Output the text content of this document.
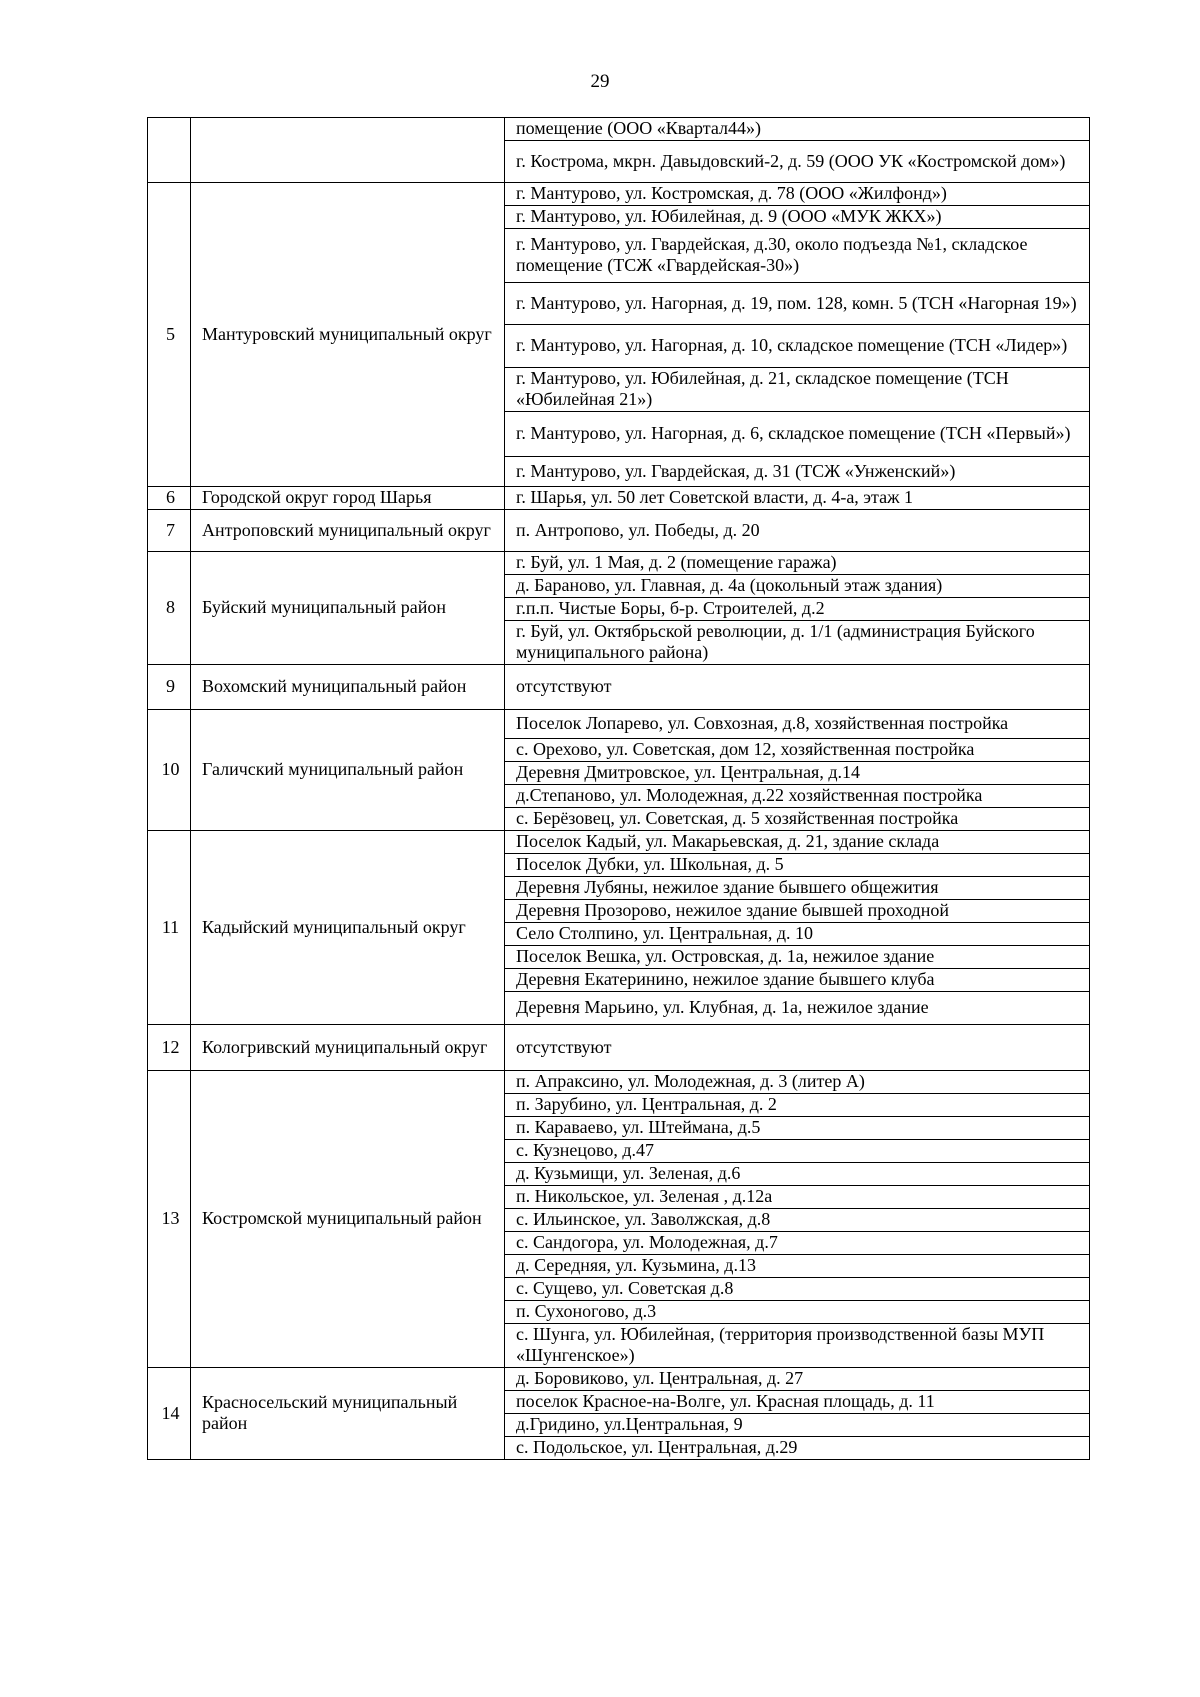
29
		помещение (ООО «Квартал44»)
		г. Кострома, мкрн. Давыдовский-2, д. 59 (ООО УК «Костромской дом»)
5	Мантуровский муниципальный округ	г. Мантурово, ул. Костромская, д. 78 (ООО «Жилфонд»)
		г. Мантурово, ул. Юбилейная, д. 9 (ООО «МУК ЖКХ»)
		г. Мантурово, ул. Гвардейская, д.30, около подъезда №1, складское помещение (ТСЖ «Гвардейская-30»)
		г. Мантурово, ул. Нагорная, д. 19, пом. 128, комн. 5 (ТСН «Нагорная 19»)
		г. Мантурово, ул. Нагорная, д. 10, складское помещение (ТСН «Лидер»)
		г. Мантурово, ул. Юбилейная, д. 21, складское помещение (ТСН «Юбилейная 21»)
		г. Мантурово, ул. Нагорная, д. 6, складское помещение (ТСН «Первый»)
		г. Мантурово, ул. Гвардейская, д. 31 (ТСЖ «Унженский»)
6	Городской округ город Шарья	г. Шарья, ул. 50 лет Советской власти, д. 4-а, этаж 1
7	Антроповский муниципальный округ	п. Антропово, ул. Победы, д. 20
8	Буйский муниципальный район	г. Буй, ул. 1 Мая, д. 2 (помещение гаража)
		д. Бараново, ул. Главная, д. 4а (цокольный этаж здания)
		г.п.п. Чистые Боры, б-р. Строителей, д.2
		г. Буй, ул. Октябрьской революции, д. 1/1 (администрация Буйского муниципального района)
9	Вохомский муниципальный район	отсутствуют
10	Галичский муниципальный район	Поселок Лопарево, ул. Совхозная, д.8, хозяйственная постройка
		с. Орехово, ул. Советская, дом 12, хозяйственная постройка
		Деревня Дмитровское, ул. Центральная, д.14
		д.Степаново, ул. Молодежная, д.22 хозяйственная постройка
		с. Берёзовец, ул. Советская, д. 5 хозяйственная постройка
11	Кадыйский муниципальный округ	Поселок Кадый, ул. Макарьевская, д. 21, здание склада
		Поселок Дубки, ул. Школьная, д. 5
		Деревня Лубяны, нежилое здание бывшего общежития
		Деревня Прозорово, нежилое здание бывшей проходной
		Село Столпино, ул. Центральная, д. 10
		Поселок Вешка, ул. Островская, д. 1а, нежилое здание
		Деревня Екатеринино, нежилое здание бывшего клуба
		Деревня Марьино, ул. Клубная, д. 1а, нежилое здание
12	Кологривский муниципальный округ	отсутствуют
13	Костромской муниципальный район	п. Апраксино, ул. Молодежная, д. 3 (литер А)
		п. Зарубино, ул. Центральная, д. 2
		п. Караваево, ул. Штеймана, д.5
		с. Кузнецово, д.47
		д. Кузьмищи, ул. Зеленая, д.6
		п. Никольское, ул. Зеленая , д.12а
		с. Ильинское, ул. Заволжская, д.8
		с. Сандогора, ул. Молодежная, д.7
		д. Середняя, ул. Кузьмина, д.13
		с. Сущево, ул. Советская д.8
		п. Сухоногово, д.3
		с. Шунга, ул. Юбилейная, (территория производственной базы МУП «Шунгенское»)
14	Красносельский муниципальный район	д. Боровиково, ул. Центральная, д. 27
		поселок Красное-на-Волге, ул. Красная площадь, д. 11
		д.Гридино, ул.Центральная, 9
		с. Подольское, ул. Центральная, д.29
